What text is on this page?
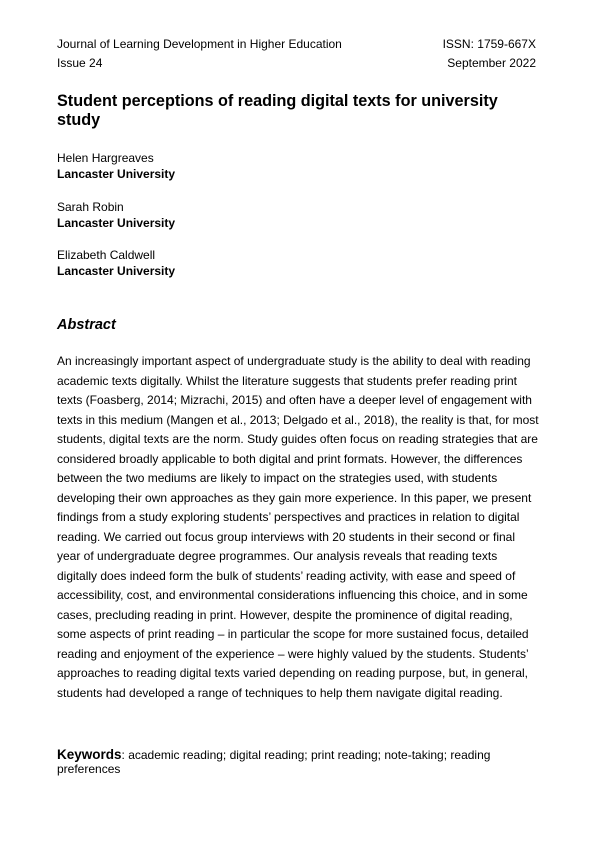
Journal of Learning Development in Higher Education	ISSN: 1759-667X
Issue 24	September 2022
Student perceptions of reading digital texts for university study
Helen Hargreaves
Lancaster University
Sarah Robin
Lancaster University
Elizabeth Caldwell
Lancaster University
Abstract

An increasingly important aspect of undergraduate study is the ability to deal with reading academic texts digitally. Whilst the literature suggests that students prefer reading print texts (Foasberg, 2014; Mizrachi, 2015) and often have a deeper level of engagement with texts in this medium (Mangen et al., 2013; Delgado et al., 2018), the reality is that, for most students, digital texts are the norm. Study guides often focus on reading strategies that are considered broadly applicable to both digital and print formats. However, the differences between the two mediums are likely to impact on the strategies used, with students developing their own approaches as they gain more experience. In this paper, we present findings from a study exploring students’ perspectives and practices in relation to digital reading. We carried out focus group interviews with 20 students in their second or final year of undergraduate degree programmes. Our analysis reveals that reading texts digitally does indeed form the bulk of students’ reading activity, with ease and speed of accessibility, cost, and environmental considerations influencing this choice, and in some cases, precluding reading in print. However, despite the prominence of digital reading, some aspects of print reading – in particular the scope for more sustained focus, detailed reading and enjoyment of the experience – were highly valued by the students. Students’ approaches to reading digital texts varied depending on reading purpose, but, in general, students had developed a range of techniques to help them navigate digital reading.

Keywords: academic reading; digital reading; print reading; note-taking; reading preferences
